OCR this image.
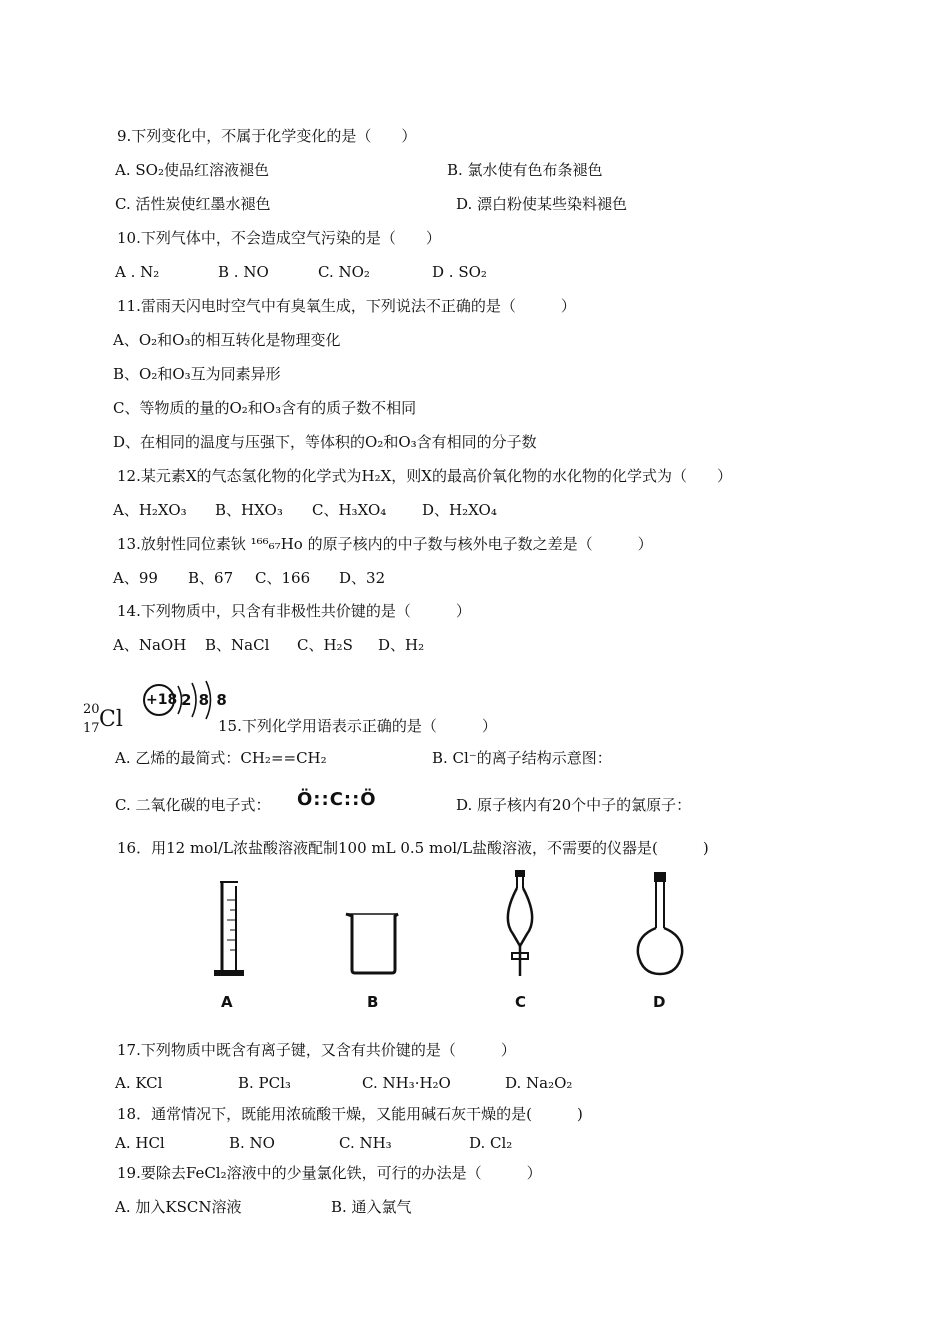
9.下列变化中，不属于化学变化的是（　　）
A. SO₂使品红溶液褪色	B. 氯水使有色布条褪色
C. 活性炭使红墨水褪色	D. 漂白粉使某些染料褪色
10.下列气体中，不会造成空气污染的是（　　）
A . N₂	B . NO	C. NO₂	D . SO₂
11.雷雨天闪电时空气中有臭氧生成，下列说法不正确的是（　　　）
A、O₂和O₃的相互转化是物理变化
B、O₂和O₃互为同素异形
C、等物质的量的O₂和O₃含有的质子数不相同
D、在相同的温度与压强下，等体积的O₂和O₃含有相同的分子数
12.某元素X的气态氢化物的化学式为H₂X，则X的最高价氧化物的水化物的化学式为（　　）
A、H₂XO₃ B、HXO₃ C、H₃XO₄ D、H₂XO₄
13.放射性同位素钬 ¹⁶⁶₆₇Ho 的原子核内的中子数与核外电子数之差是（　　　）
A、99 B、67 C、166 D、32
14.下列物质中，只含有非极性共价键的是（　　　）
A、NaOH B、NaCl C、H₂S D、H₂
20
17 Cl
+18 2 8 8
15.下列化学用语表示正确的是（　　　）
A. 乙烯的最简式：CH₂==CH₂	B. Cl⁻的离子结构示意图：
C. 二氧化碳的电子式： Ö::C::Ö	D. 原子核内有20个中子的氯原子：
16．用12 mol/L浓盐酸溶液配制100 mL 0.5 mol/L盐酸溶液，不需要的仪器是(　　　)
A	B	C	D
17.下列物质中既含有离子键，又含有共价键的是（　　　）
A. KCl	B. PCl₃	C. NH₃·H₂O	D. Na₂O₂
18．通常情况下，既能用浓硫酸干燥，又能用碱石灰干燥的是(　　　)
A. HCl	B. NO	C. NH₃	D. Cl₂
19.要除去FeCl₂溶液中的少量氯化铁，可行的办法是（　　　）
A. 加入KSCN溶液	B. 通入氯气
